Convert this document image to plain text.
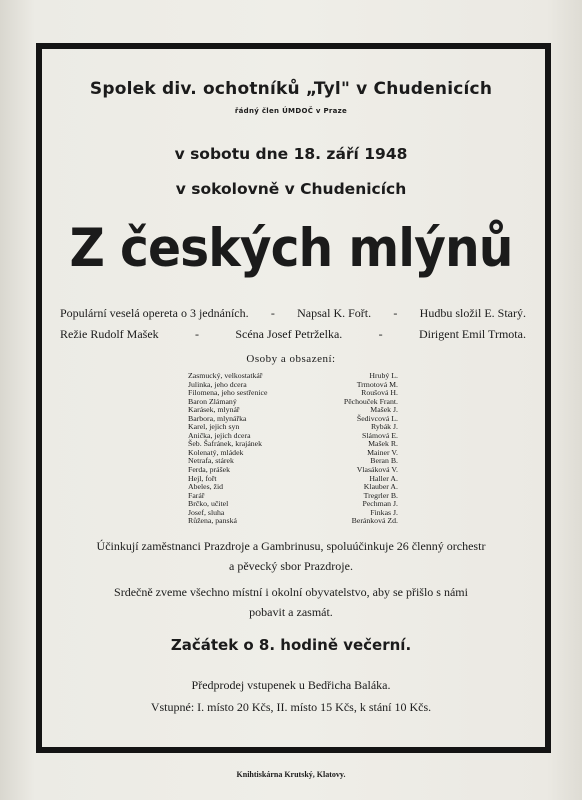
Spolek div. ochotníků „Tyl" v Chudenicích
řádný člen ÚMDOČ v Praze
v sobotu dne 18. září 1948
v sokolovně v Chudenicích
Z českých mlýnů
Populární veselá opereta o 3 jednáních. - Napsal K. Fořt. - Hudbu složil E. Starý.
Režie Rudolf Mašek	-	Scéna Josef Petrželka.	-	Dirigent Emil Trmota.
Osoby a obsazení:
Zasmucký, velkostatkář	Hrubý L.
Julinka, jeho dcera	Trmotová M.
Filomena, jeho sestřenice	Roušová H.
Baron Zlámaný	Pěchouček Frant.
Karásek, mlynář	Mašek J.
Barbora, mlynářka	Šedivcová L.
Karel, jejich syn	Rybák J.
Anička, jejich dcera	Slámová E.
Šeb. Šafránek, krajánek	Mašek R.
Kolenatý, mládek	Mainer V.
Netrafa, stárek	Beran B.
Ferda, prášek	Vlasáková V.
Hejl, fořt	Haller A.
Abeles, žid	Klauber A.
Farář	Tregrler B.
Brčko, učitel	Pechman J.
Josef, sluha	Finkas J.
Růžena, panská	Beránková Zd.
Účinkují zaměstnanci Prazdroje a Gambrinusu, spoluúčinkuje 26 členný orchestr
a pěvecký sbor Prazdroje.
Srdečně zveme všechno místní i okolní obyvatelstvo, aby se přišlo s námi
pobavit a zasmát.
Začátek o 8. hodině večerní.
Předprodej vstupenek u Bedřicha Baláka.
Vstupné: I. místo 20 Kčs, II. místo 15 Kčs, k stání 10 Kčs.
Knihtiskárna Krutský, Klatovy.
